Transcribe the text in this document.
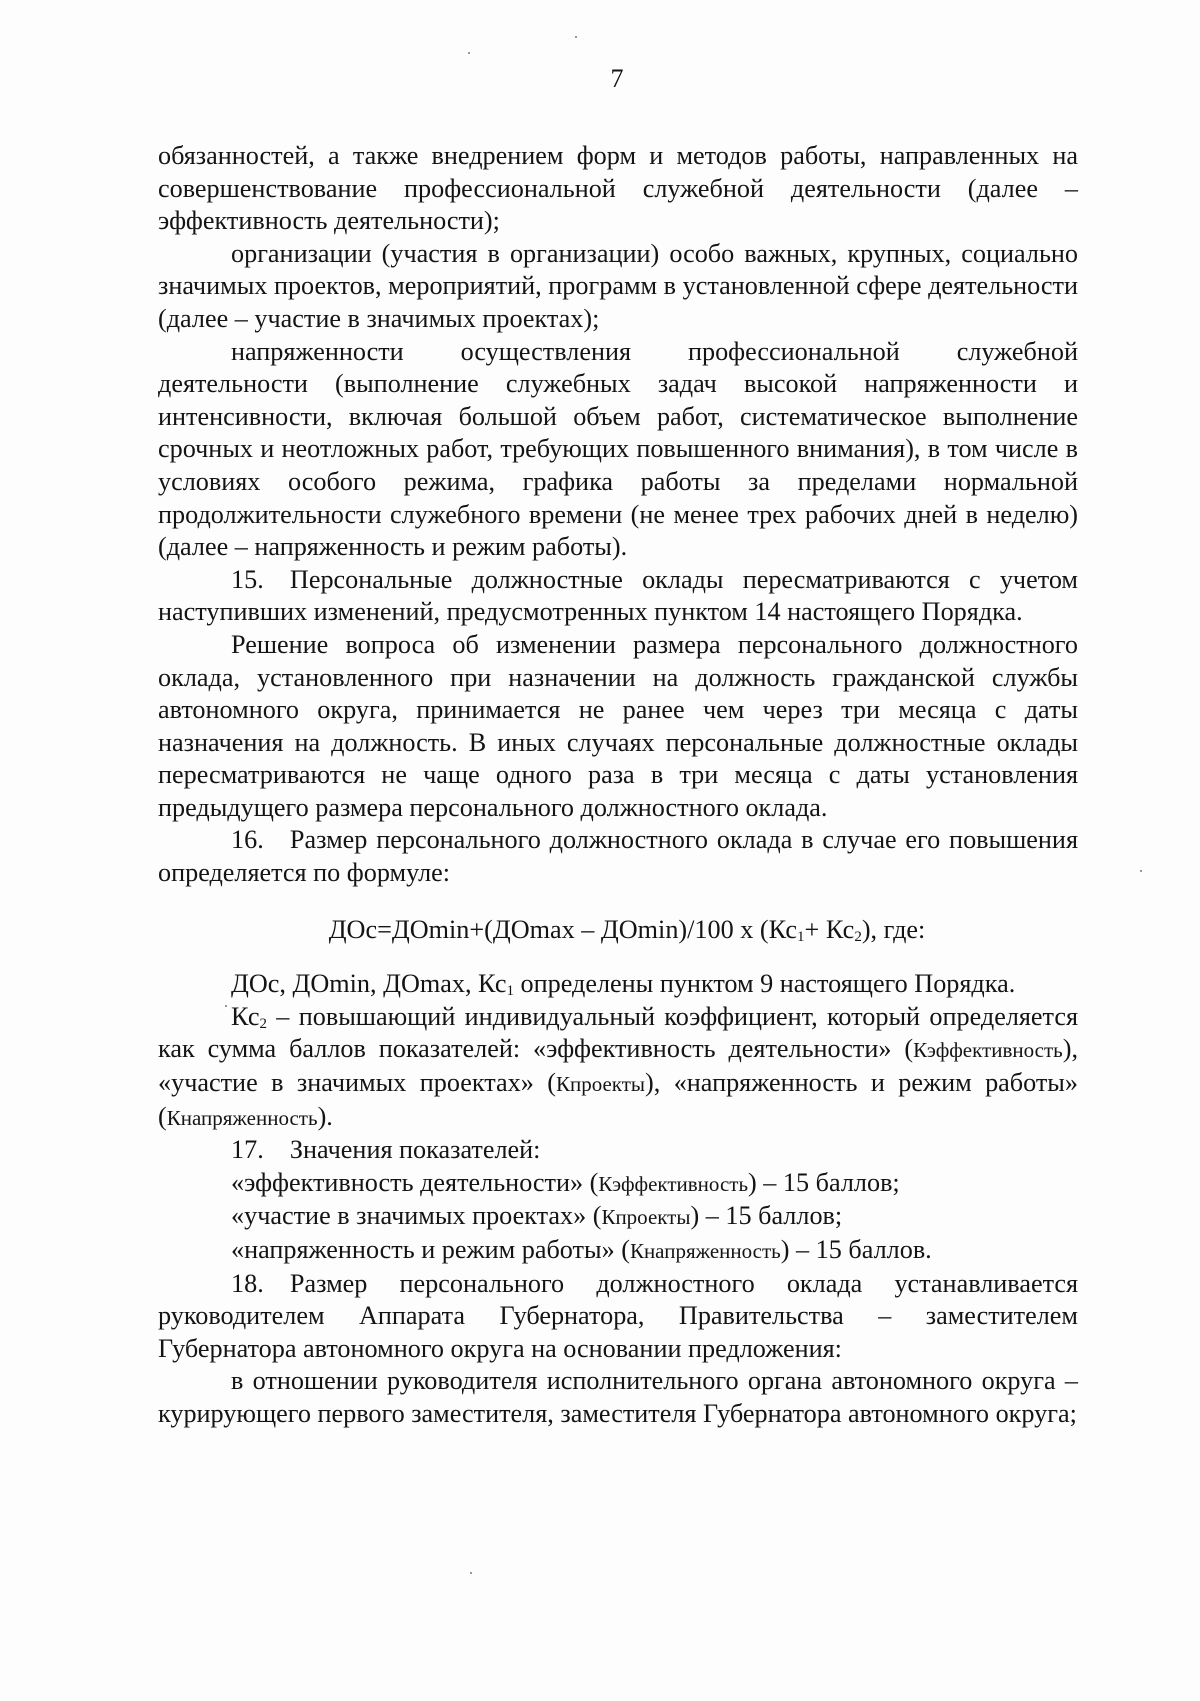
7

обязанностей, а также внедрением форм и методов работы, направленных на совершенствование профессиональной служебной деятельности (далее – эффективность деятельности);

организации (участия в организации) особо важных, крупных, социально значимых проектов, мероприятий, программ в установленной сфере деятельности (далее – участие в значимых проектах);

напряженности осуществления профессиональной служебной деятельности (выполнение служебных задач высокой напряженности и интенсивности, включая большой объем работ, систематическое выполнение срочных и неотложных работ, требующих повышенного внимания), в том числе в условиях особого режима, графика работы за пределами нормальной продолжительности служебного времени (не менее трех рабочих дней в неделю) (далее – напряженность и режим работы).

15. Персональные должностные оклады пересматриваются с учетом наступивших изменений, предусмотренных пунктом 14 настоящего Порядка.

Решение вопроса об изменении размера персонального должностного оклада, установленного при назначении на должность гражданской службы автономного округа, принимается не ранее чем через три месяца с даты назначения на должность. В иных случаях персональные должностные оклады пересматриваются не чаще одного раза в три месяца с даты установления предыдущего размера персонального должностного оклада.

16. Размер персонального должностного оклада в случае его повышения определяется по формуле:

ДОс=ДОmin+(ДОmax – ДОmin)/100 х $(Кс_1+ Кс_2)$, где:

ДОс, ДОmin, ДОmax, $Кс_1$ определены пунктом 9 настоящего Порядка.

$Кс_2$ – повышающий индивидуальный коэффициент, который определяется как сумма баллов показателей: «эффективность деятельности» (Кэффективность), «участие в значимых проектах» (Кпроекты), «напряженность и режим работы» (Кнапряженность).

17. Значения показателей:

«эффективность деятельности» (Кэффективность) – 15 баллов;

«участие в значимых проектах» (Кпроекты) – 15 баллов;

«напряженность и режим работы» (Кнапряженность) – 15 баллов.

18. Размер персонального должностного оклада устанавливается руководителем Аппарата Губернатора, Правительства – заместителем Губернатора автономного округа на основании предложения:

в отношении руководителя исполнительного органа автономного округа – курирующего первого заместителя, заместителя Губернатора автономного округа;
